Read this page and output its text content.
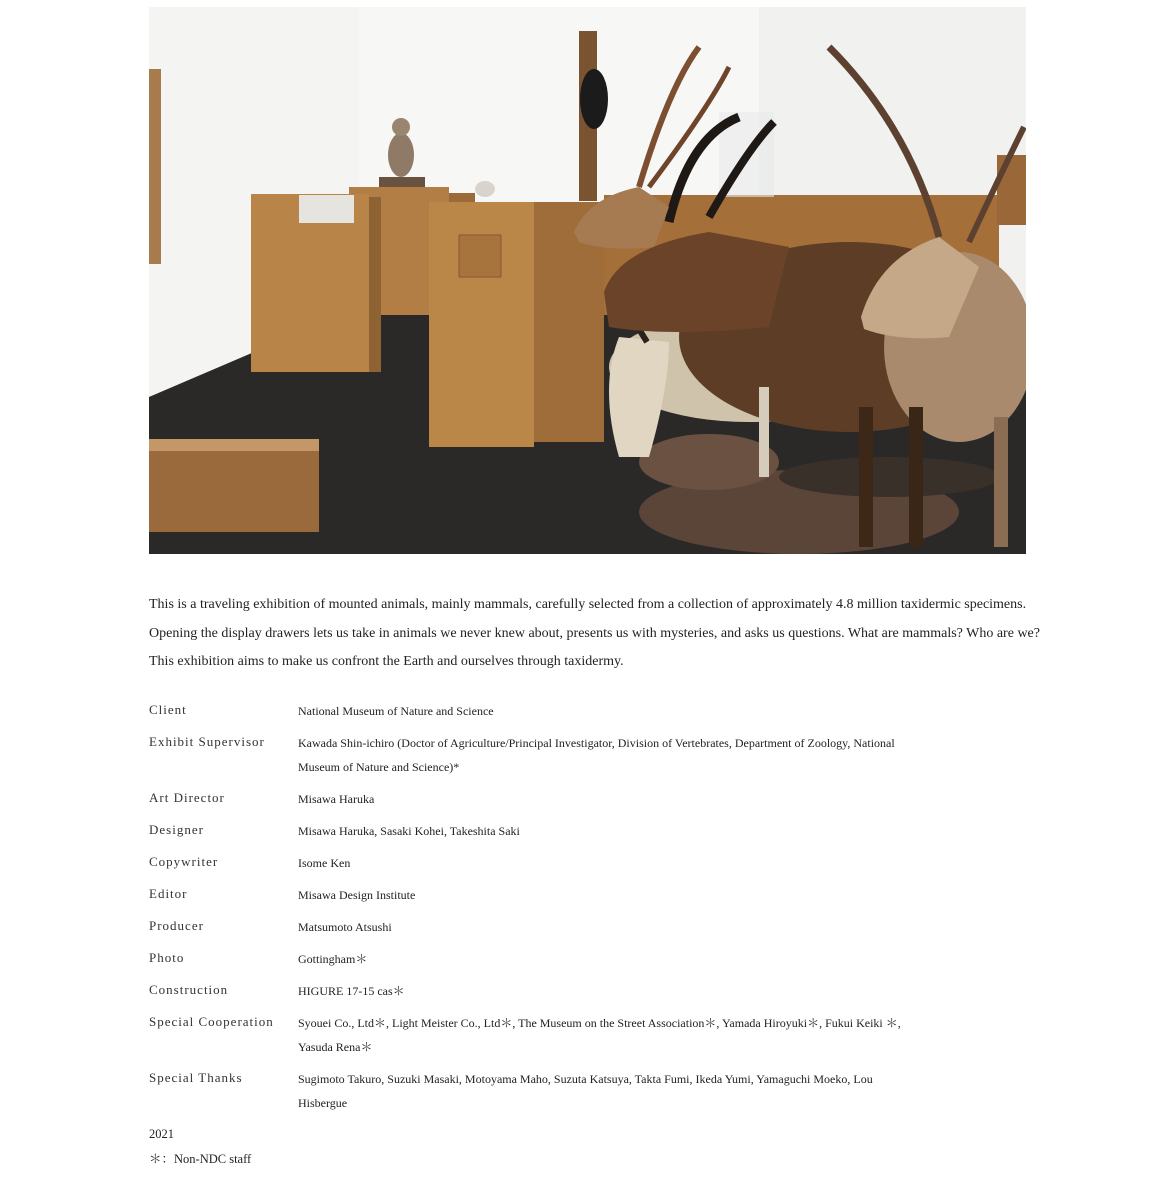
This is a traveling exhibition of mounted animals, mainly mammals, carefully selected from a collection of approximately 4.8 million taxidermic specimens.

Opening the display drawers lets us take in animals we never knew about, presents us with mysteries, and asks us questions. What are mammals? Who are we?

This exhibition aims to make us confront the Earth and ourselves through taxidermy.

Client	National Museum of Nature and Science
Exhibit Supervisor	Kawada Shin-ichiro (Doctor of Agriculture/Principal Investigator, Division of Vertebrates, Department of Zoology, National Museum of Nature and Science)*
Art Director	Misawa Haruka
Designer	Misawa Haruka, Sasaki Kohei, Takeshita Saki
Copywriter	Isome Ken
Editor	Misawa Design Institute
Producer	Matsumoto Atsushi
Photo	Gottingham＊
Construction	HIGURE 17-15 cas＊
Special Cooperation	Syouei Co., Ltd＊, Light Meister Co., Ltd＊, The Museum on the Street Association＊, Yamada Hiroyuki＊, Fukui Keiki ＊, Yasuda Rena＊
Special Thanks	Sugimoto Takuro, Suzuki Masaki, Motoyama Maho, Suzuta Katsuya, Takta Fumi, Ikeda Yumi, Yamaguchi Moeko, Lou Hisbergue
2021
＊：Non-NDC staff
